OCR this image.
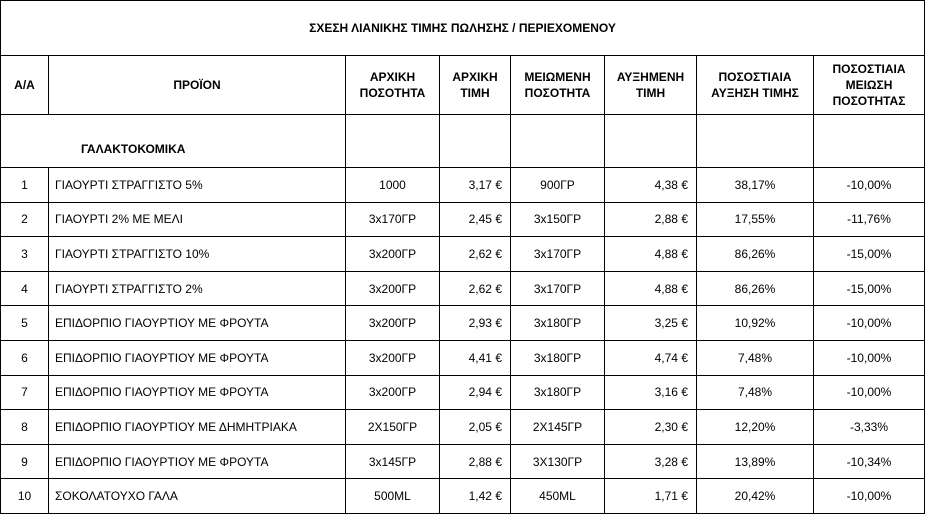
ΣΧΕΣΗ ΛΙΑΝΙΚΗΣ ΤΙΜΗΣ ΠΩΛΗΣΗΣ / ΠΕΡΙΕΧΟΜΕΝΟΥ							
Α/Α	ΠΡΟΪΟΝ	ΑΡΧΙΚΗ ΠΟΣΟΤΗΤΑ	ΑΡΧΙΚΗ ΤΙΜΗ	ΜΕΙΩΜΕΝΗ ΠΟΣΟΤΗΤΑ	ΑΥΞΗΜΕΝΗ ΤΙΜΗ	ΠΟΣΟΣΤΙΑΙΑ ΑΥΞΗΣΗ ΤΙΜΗΣ	ΠΟΣΟΣΤΙΑΙΑ ΜΕΙΩΣΗ ΠΟΣΟΤΗΤΑΣ
ΓΑΛΑΚΤΟΚΟΜΙΚΑ							
1	ΓΙΑΟΥΡΤΙ ΣΤΡΑΓΓΙΣΤΟ 5%	1000	3,17 €	900ΓΡ	4,38 €	38,17%	-10,00%
2	ΓΙΑΟΥΡΤΙ 2% ΜΕ ΜΕΛΙ	3x170ΓΡ	2,45 €	3x150ΓΡ	2,88 €	17,55%	-11,76%
3	ΓΙΑΟΥΡΤΙ ΣΤΡΑΓΓΙΣΤΟ 10%	3x200ΓΡ	2,62 €	3x170ΓΡ	4,88 €	86,26%	-15,00%
4	ΓΙΑΟΥΡΤΙ ΣΤΡΑΓΓΙΣΤΟ 2%	3x200ΓΡ	2,62 €	3x170ΓΡ	4,88 €	86,26%	-15,00%
5	ΕΠΙΔΟΡΠΙΟ ΓΙΑΟΥΡΤΙΟΥ ΜΕ ΦΡΟΥΤΑ	3x200ΓΡ	2,93 €	3x180ΓΡ	3,25 €	10,92%	-10,00%
6	ΕΠΙΔΟΡΠΙΟ ΓΙΑΟΥΡΤΙΟΥ ΜΕ ΦΡΟΥΤΑ	3x200ΓΡ	4,41 €	3x180ΓΡ	4,74 €	7,48%	-10,00%
7	ΕΠΙΔΟΡΠΙΟ ΓΙΑΟΥΡΤΙΟΥ ΜΕ ΦΡΟΥΤΑ	3x200ΓΡ	2,94 €	3x180ΓΡ	3,16 €	7,48%	-10,00%
8	ΕΠΙΔΟΡΠΙΟ ΓΙΑΟΥΡΤΙΟΥ ΜΕ ΔΗΜΗΤΡΙΑΚΑ	2X150ΓΡ	2,05 €	2X145ΓΡ	2,30 €	12,20%	-3,33%
9	ΕΠΙΔΟΡΠΙΟ ΓΙΑΟΥΡΤΙΟΥ ΜΕ ΦΡΟΥΤΑ	3x145ΓΡ	2,88 €	3X130ΓΡ	3,28 €	13,89%	-10,34%
10	ΣΟΚΟΛΑΤΟΥΧΟ ΓΑΛΑ	500ML	1,42 €	450ML	1,71 €	20,42%	-10,00%
